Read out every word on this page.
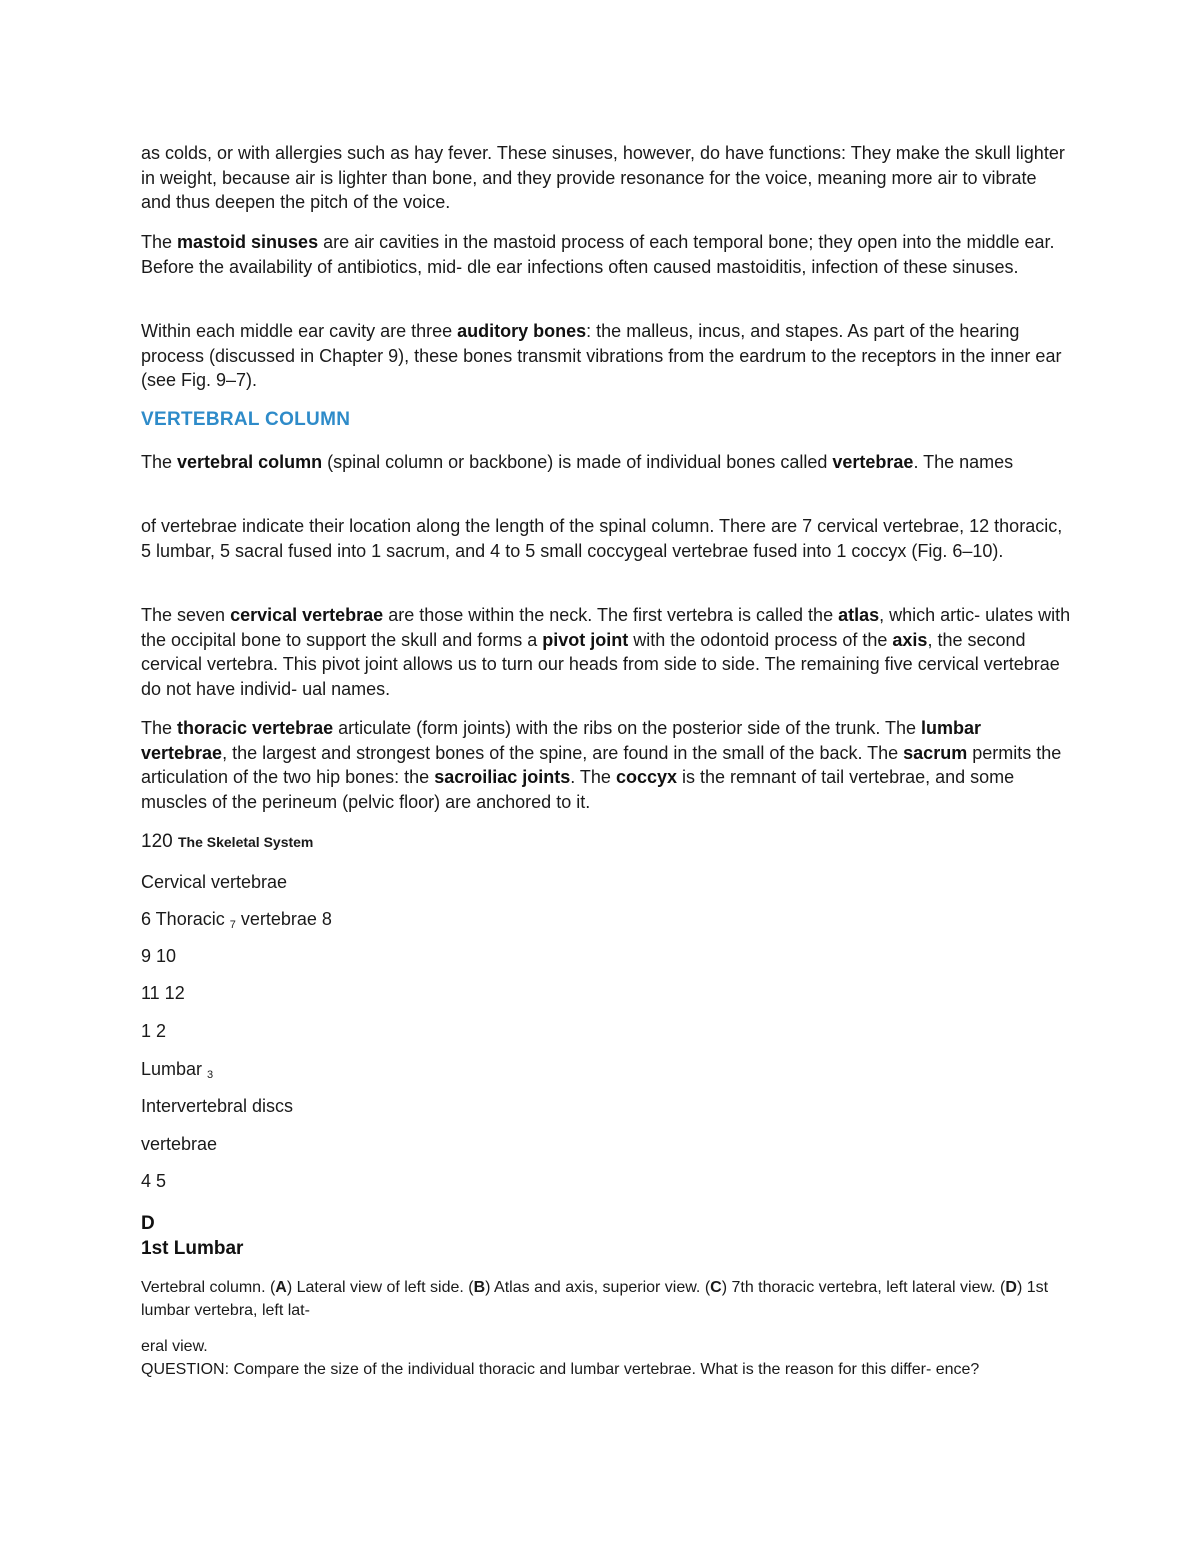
as colds, or with allergies such as hay fever. These sinuses, however, do have functions: They make the skull lighter in weight, because air is lighter than bone, and they provide resonance for the voice, meaning more air to vibrate and thus deepen the pitch of the voice.

The mastoid sinuses are air cavities in the mastoid process of each temporal bone; they open into the middle ear. Before the availability of antibiotics, mid- dle ear infections often caused mastoiditis, infection of these sinuses.

Within each middle ear cavity are three auditory bones: the malleus, incus, and stapes. As part of the hearing process (discussed in Chapter 9), these bones transmit vibrations from the eardrum to the receptors in the inner ear (see Fig. 9–7).

VERTEBRAL COLUMN

The vertebral column (spinal column or backbone) is made of individual bones called vertebrae. The names

of vertebrae indicate their location along the length of the spinal column. There are 7 cervical vertebrae, 12 thoracic, 5 lumbar, 5 sacral fused into 1 sacrum, and 4 to 5 small coccygeal vertebrae fused into 1 coccyx (Fig. 6–10).

The seven cervical vertebrae are those within the neck. The first vertebra is called the atlas, which artic- ulates with the occipital bone to support the skull and forms a pivot joint with the odontoid process of the axis, the second cervical vertebra. This pivot joint allows us to turn our heads from side to side. The remaining five cervical vertebrae do not have individ- ual names.

The thoracic vertebrae articulate (form joints) with the ribs on the posterior side of the trunk. The lumbar vertebrae, the largest and strongest bones of the spine, are found in the small of the back. The sacrum permits the articulation of the two hip bones: the sacroiliac joints. The coccyx is the remnant of tail vertebrae, and some muscles of the perineum (pelvic floor) are anchored to it.

120 The Skeletal System
Cervical vertebrae
6 Thoracic $_7$ vertebrae 8
9 10
11 12
1 2
Lumbar $_3$
Intervertebral discs
vertebrae
4 5
D
1st Lumbar

Vertebral column. (A) Lateral view of left side. (B) Atlas and axis, superior view. (C) 7th thoracic vertebra, left lateral view. (D) 1st lumbar vertebra, left lat-

eral view.
QUESTION: Compare the size of the individual thoracic and lumbar vertebrae. What is the reason for this differ- ence?
